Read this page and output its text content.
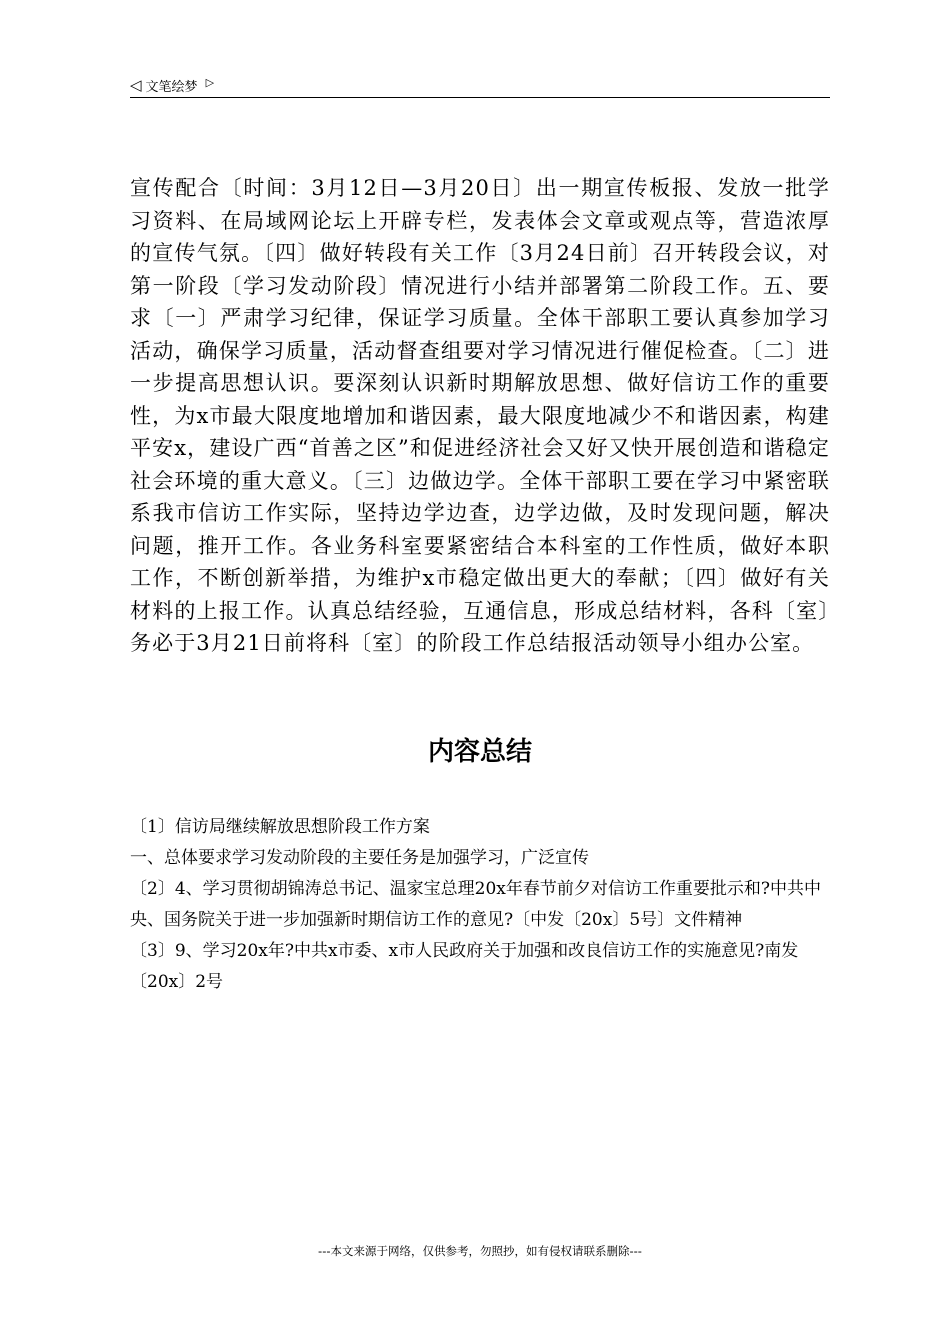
◁ 文笔绘梦 ▷

宣传配合〔时间：3月12日—3月20日〕出一期宣传板报、发放一批学习资料、在局域网论坛上开辟专栏，发表体会文章或观点等，营造浓厚的宣传气氛。〔四〕做好转段有关工作〔3月24日前〕召开转段会议，对第一阶段〔学习发动阶段〕情况进行小结并部署第二阶段工作。五、要求〔一〕严肃学习纪律，保证学习质量。全体干部职工要认真参加学习活动，确保学习质量，活动督查组要对学习情况进行催促检查。〔二〕进一步提高思想认识。要深刻认识新时期解放思想、做好信访工作的重要性，为x市最大限度地增加和谐因素，最大限度地减少不和谐因素，构建平安x，建设广西“首善之区”和促进经济社会又好又快开展创造和谐稳定社会环境的重大意义。〔三〕边做边学。全体干部职工要在学习中紧密联系我市信访工作实际，坚持边学边查，边学边做，及时发现问题，解决问题，推开工作。各业务科室要紧密结合本科室的工作性质，做好本职工作，不断创新举措，为维护x市稳定做出更大的奉献；〔四〕做好有关材料的上报工作。认真总结经验，互通信息，形成总结材料，各科〔室〕务必于3月21日前将科〔室〕的阶段工作总结报活动领导小组办公室。

内容总结
〔1〕信访局继续解放思想阶段工作方案
一、总体要求学习发动阶段的主要任务是加强学习，广泛宣传
〔2〕4、学习贯彻胡锦涛总书记、温家宝总理20x年春节前夕对信访工作重要批示和?中共中央、国务院关于进一步加强新时期信访工作的意见?〔中发〔20x〕5号〕文件精神
〔3〕9、学习20x年?中共x市委、x市人民政府关于加强和改良信访工作的实施意见?南发〔20x〕2号
---本文来源于网络，仅供参考，勿照抄，如有侵权请联系删除---
